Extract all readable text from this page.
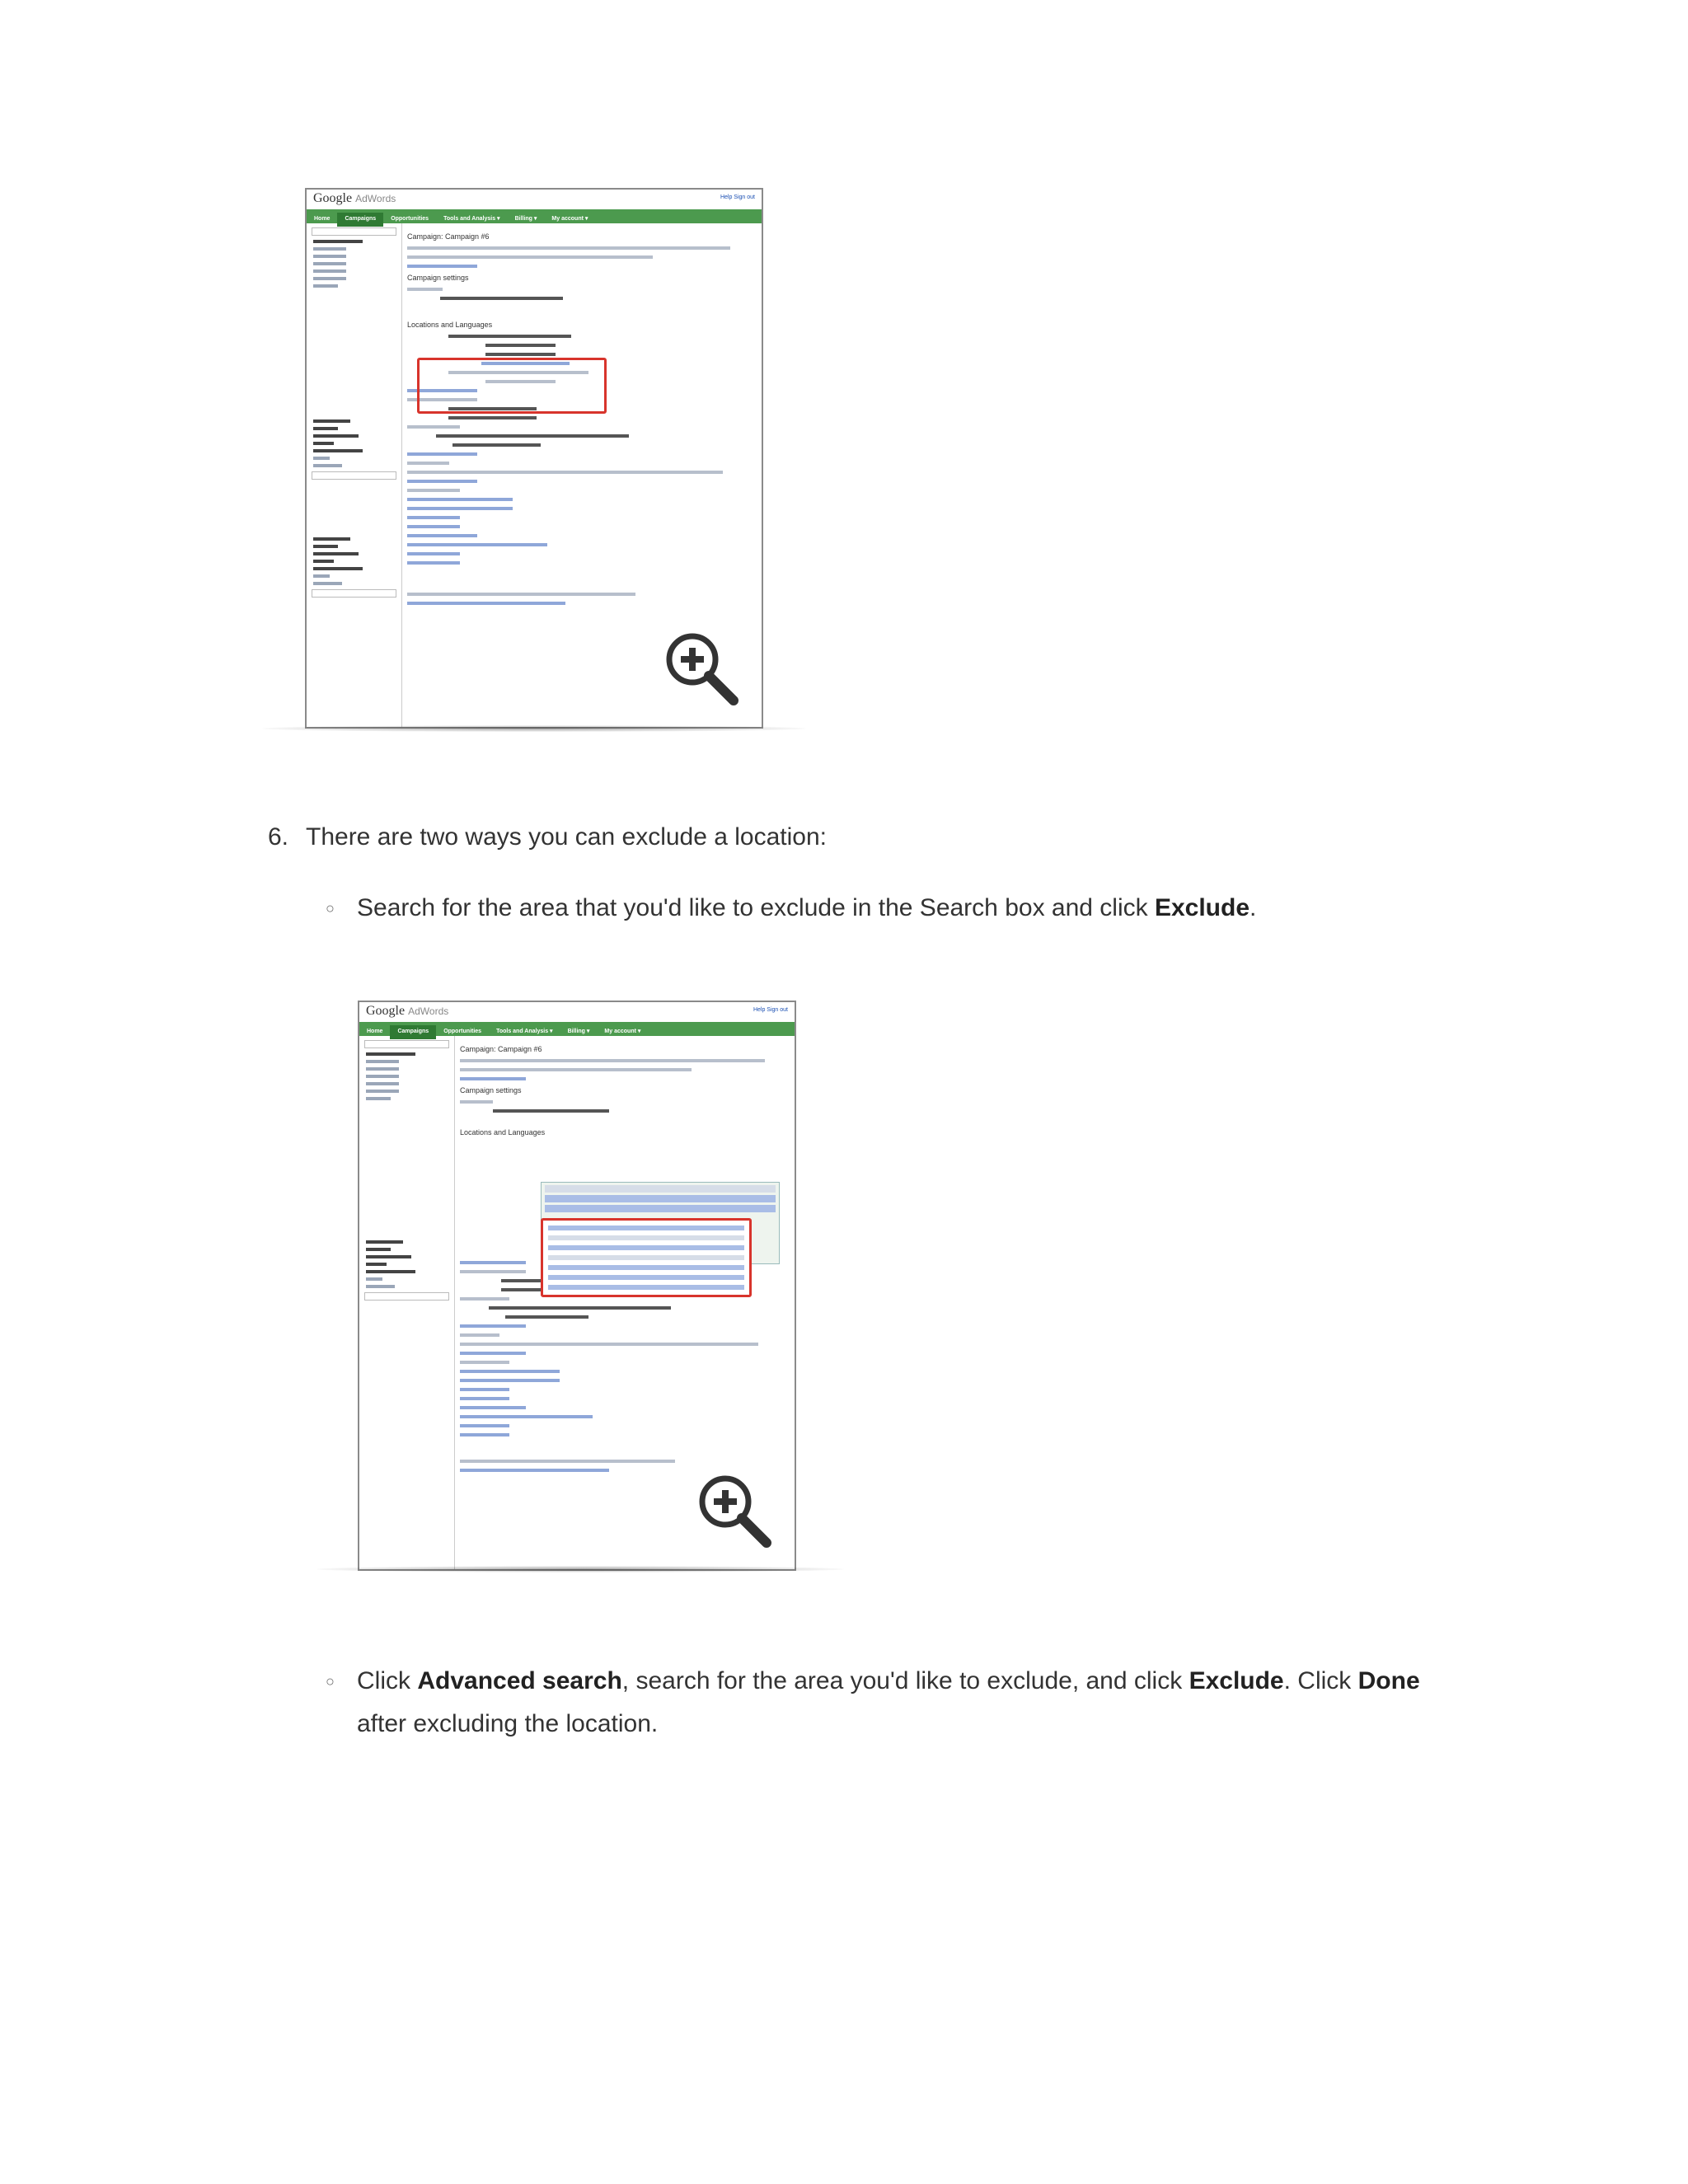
Google AdWords	Help Sign out
Home	Campaigns	Opportunities	Tools and Analysis ▾	Billing ▾	My account ▾
Campaign: Campaign #6
Campaign settings
Locations and Languages
6. There are two ways you can exclude a location:
○ Search for the area that you'd like to exclude in the Search box and click Exclude.
Google AdWords	Help Sign out
Home	Campaigns	Opportunities	Tools and Analysis ▾	Billing ▾	My account ▾
Campaign: Campaign #6
Campaign settings
Locations and Languages
○ Click Advanced search, search for the area you'd like to exclude, and click Exclude. Click Done
after excluding the location.
